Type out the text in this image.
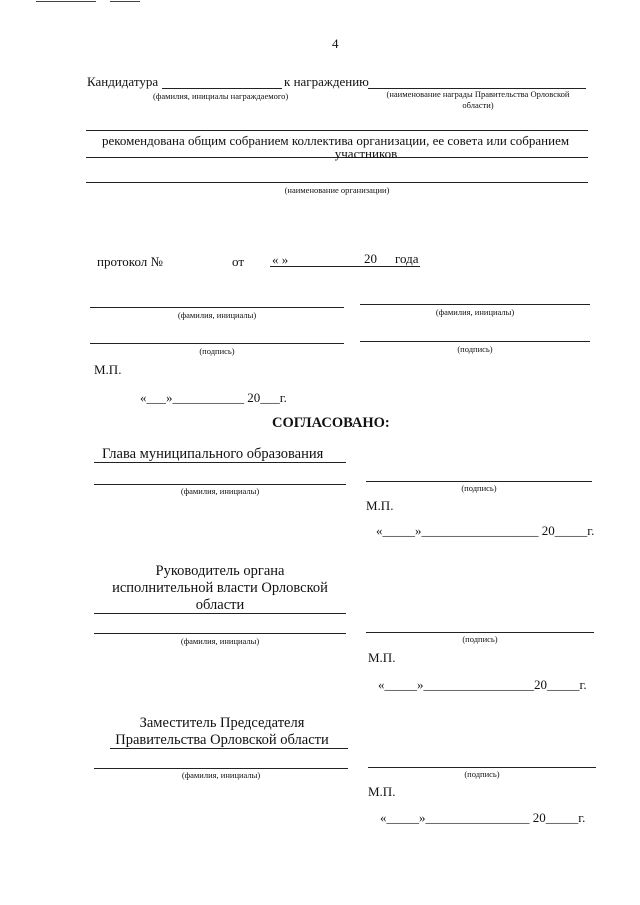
4
Кандидатура	к награждению
(фамилия, инициалы награждаемого)	(наименование награды Правительства Орловской
области)
рекомендована общим собранием коллектива организации, ее совета или собранием
участников
(наименование организации)
протокол №	от « »	20 года
(фамилия, инициалы)	(фамилия, инициалы)
(подпись)	(подпись)
М.П.
«___»___________ 20___г.
СОГЛАСОВАНО:
Глава муниципального образования
(фамилия, инициалы)	(подпись)
М.П.
«_____»__________________ 20_____г.
Руководитель органа
исполнительной власти Орловской
области
(фамилия, инициалы)	(подпись)
М.П.
«_____»_________________20_____г.
Заместитель Председателя
Правительства Орловской области
(фамилия, инициалы)	(подпись)
М.П.
«_____»________________ 20_____г.
